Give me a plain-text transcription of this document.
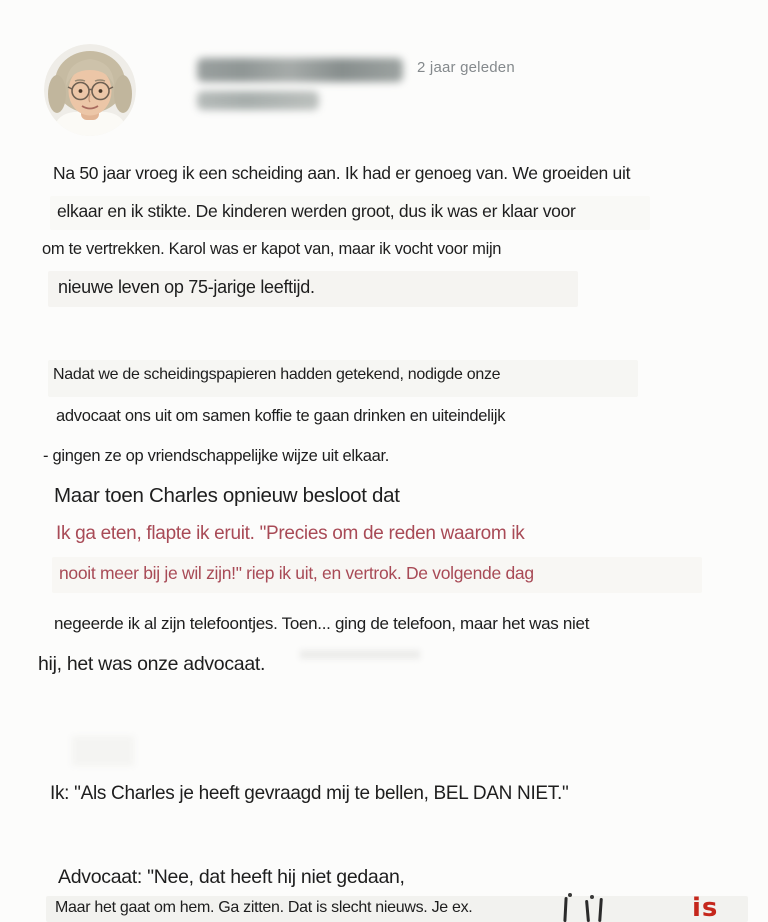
2 jaar geleden
Na 50 jaar vroeg ik een scheiding aan. Ik had er genoeg van. We groeiden uit
elkaar en ik stikte. De kinderen werden groot, dus ik was er klaar voor
om te vertrekken. Karol was er kapot van, maar ik vocht voor mijn
nieuwe leven op 75-jarige leeftijd.
Nadat we de scheidingspapieren hadden getekend, nodigde onze
advocaat ons uit om samen koffie te gaan drinken en uiteindelijk
- gingen ze op vriendschappelijke wijze uit elkaar.
Maar toen Charles opnieuw besloot dat
Ik ga eten, flapte ik eruit. "Precies om de reden waarom ik
nooit meer bij je wil zijn!" riep ik uit, en vertrok. De volgende dag
negeerde ik al zijn telefoontjes. Toen... ging de telefoon, maar het was niet
hij, het was onze advocaat.
Ik: "Als Charles je heeft gevraagd mij te bellen, BEL DAN NIET."
Advocaat: "Nee, dat heeft hij niet gedaan,
Maar het gaat om hem. Ga zitten. Dat is slecht nieuws. Je ex.	is
